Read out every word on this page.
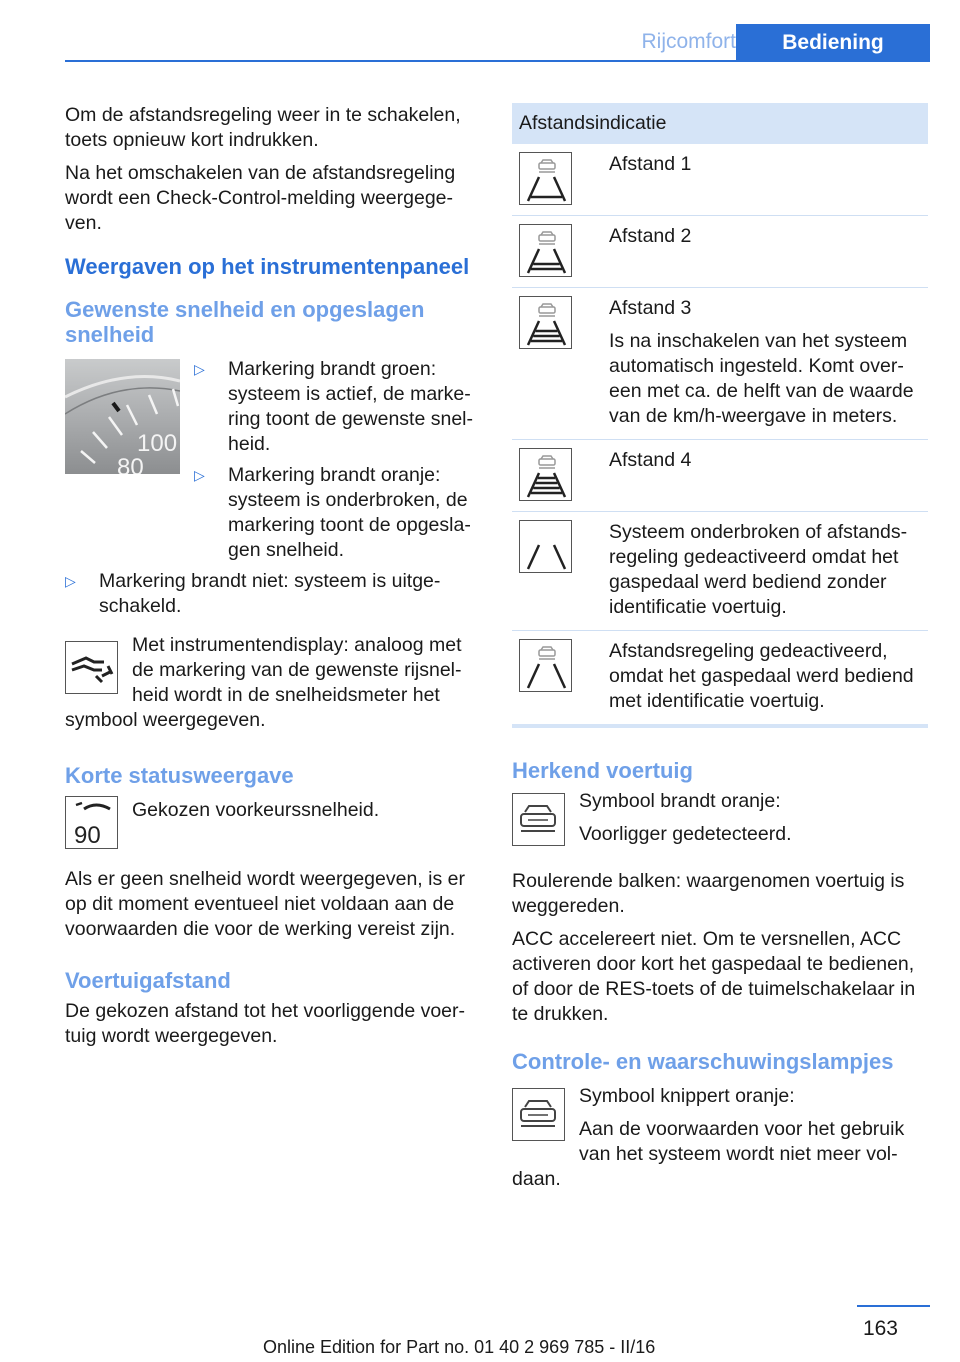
Rijcomfort	Bediening

Om de afstandsregeling weer in te schakelen, toets opnieuw kort indrukken.

Na het omschakelen van de afstandsregeling wordt een Check-Control-melding weergegeven.

Weergaven op het instrumentenpaneel
Gewenste snelheid en opgeslagen snelheid
100
80
▷ Markering brandt groen: systeem is actief, de markering toont de gewenste snelheid.
▷ Markering brandt oranje: systeem is onderbroken, de markering toont de opgeslagen snelheid.
▷ Markering brandt niet: systeem is uitgeschakeld.

Met instrumentendisplay: analoog met de markering van de gewenste rijsnelheid wordt in de snelheidsmeter het symbool weergegeven.

Korte statusweergave
90

Gekozen voorkeurssnelheid.

Als er geen snelheid wordt weergegeven, is er op dit moment eventueel niet voldaan aan de voorwaarden die voor de werking vereist zijn.

Voertuigafstand

De gekozen afstand tot het voorliggende voertuig wordt weergegeven.

Afstandsindicatie	

Afstand 1

Afstand 2

Afstand 3
Is na inschakelen van het systeem automatisch ingesteld. Komt overeen met ca. de helft van de waarde van de km/h-weergave in meters.

Afstand 4

Systeem onderbroken of afstandsregeling gedeactiveerd omdat het gaspedaal werd bediend zonder identificatie voertuig.

Afstandsregeling gedeactiveerd, omdat het gaspedaal werd bediend met identificatie voertuig.
Herkend voertuig

Symbool brandt oranje:

Voorligger gedetecteerd.

Roulerende balken: waargenomen voertuig is weggereden.

ACC accelereert niet. Om te versnellen, ACC activeren door kort het gaspedaal te bedienen, of door de RES-toets of de tuimelschakelaar in te drukken.

Controle- en waarschuwingslampjes

Symbool knippert oranje:

Aan de voorwaarden voor het gebruik van het systeem wordt niet meer voldaan.

163
Online Edition for Part no. 01 40 2 969 785 - II/16
